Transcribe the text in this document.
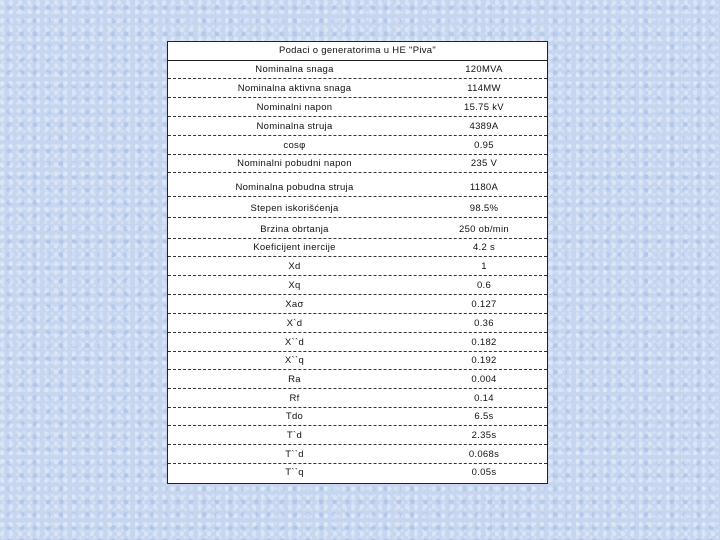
Podaci o generatorima u HE "Piva"
Nominalna snaga	120MVA
Nominalna aktivna snaga	114MW
Nominalni napon	15.75 kV
Nominalna struja	4389A
cosφ	0.95
Nominalni pobudni napon	235 V
Nominalna pobudna struja	1180A
Stepen iskorišćenja	98.5%
Brzina obrtanja	250 ob/min
Koeficijent inercije	4.2 s
Xd	1
Xq	0.6
Xaσ	0.127
X`d	0.36
X``d	0.182
X``q	0.192
Ra	0.004
Rf	0.14
Tdo	6.5s
T`d	2.35s
T``d	0.068s
T``q	0.05s
